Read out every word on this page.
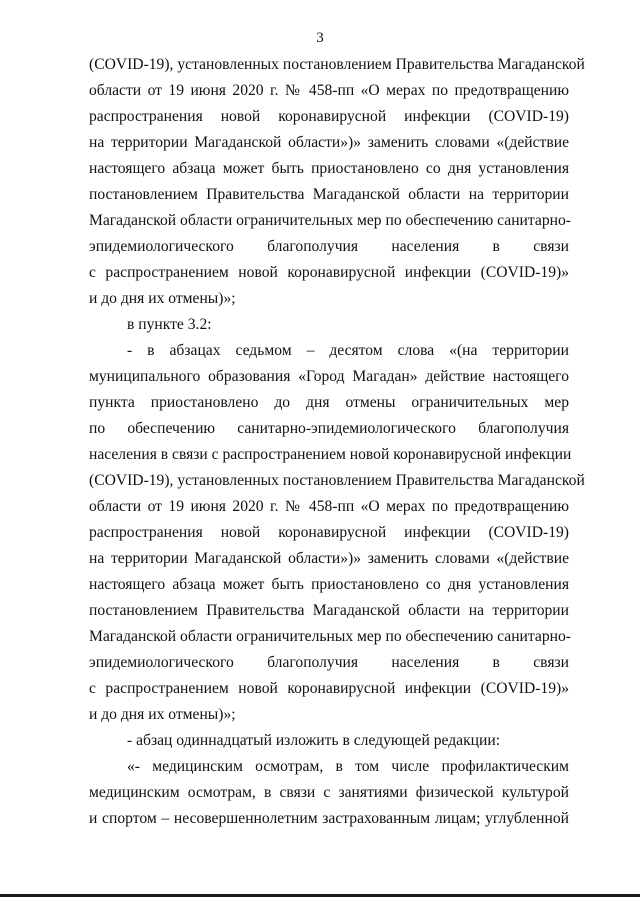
3
(COVID-19), установленных постановлением Правительства Магаданской
области от 19 июня 2020 г. № 458-пп «О мерах по предотвращению
распространения новой коронавирусной инфекции (COVID-19)
на территории Магаданской области»)» заменить словами «(действие
настоящего абзаца может быть приостановлено со дня установления
постановлением Правительства Магаданской области на территории
Магаданской области ограничительных мер по обеспечению санитарно-
эпидемиологического благополучия населения в связи
с распространением новой коронавирусной инфекции (COVID-19)»
и до дня их отмены)»;
в пункте 3.2:
- в абзацах седьмом – десятом слова «(на территории
муниципального образования «Город Магадан» действие настоящего
пункта приостановлено до дня отмены ограничительных мер
по обеспечению санитарно-эпидемиологического благополучия
населения в связи с распространением новой коронавирусной инфекции
(COVID-19), установленных постановлением Правительства Магаданской
области от 19 июня 2020 г. № 458-пп «О мерах по предотвращению
распространения новой коронавирусной инфекции (COVID-19)
на территории Магаданской области»)» заменить словами «(действие
настоящего абзаца может быть приостановлено со дня установления
постановлением Правительства Магаданской области на территории
Магаданской области ограничительных мер по обеспечению санитарно-
эпидемиологического благополучия населения в связи
с распространением новой коронавирусной инфекции (COVID-19)»
и до дня их отмены)»;
- абзац одиннадцатый изложить в следующей редакции:
«- медицинским осмотрам, в том числе профилактическим
медицинским осмотрам, в связи с занятиями физической культурой
и спортом – несовершеннолетним застрахованным лицам; углубленной
